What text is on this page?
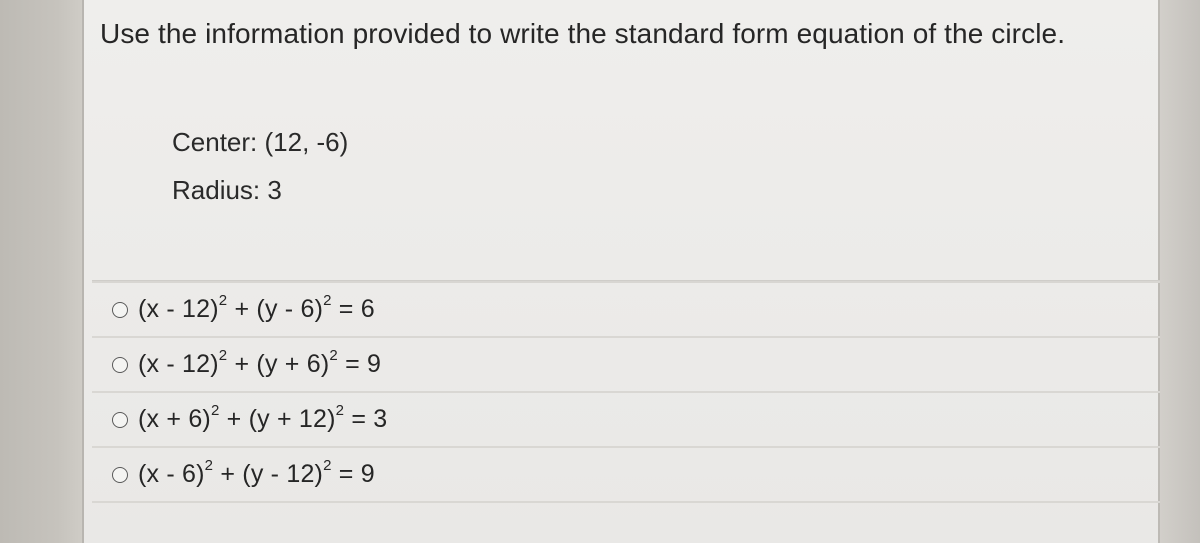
Use the information provided to write the standard form equation of the circle.

Center: (12, -6)
Radius: 3
(x - 12)$^2$ + (y - 6)$^2$ = 6
$(x - 12)^2 + (y + 6)^2 = 9$
$(x + 6)^2 + (y + 12)^2 = 3$
(x - 6)$^2$ + (y - 12)$^2$ = 9
